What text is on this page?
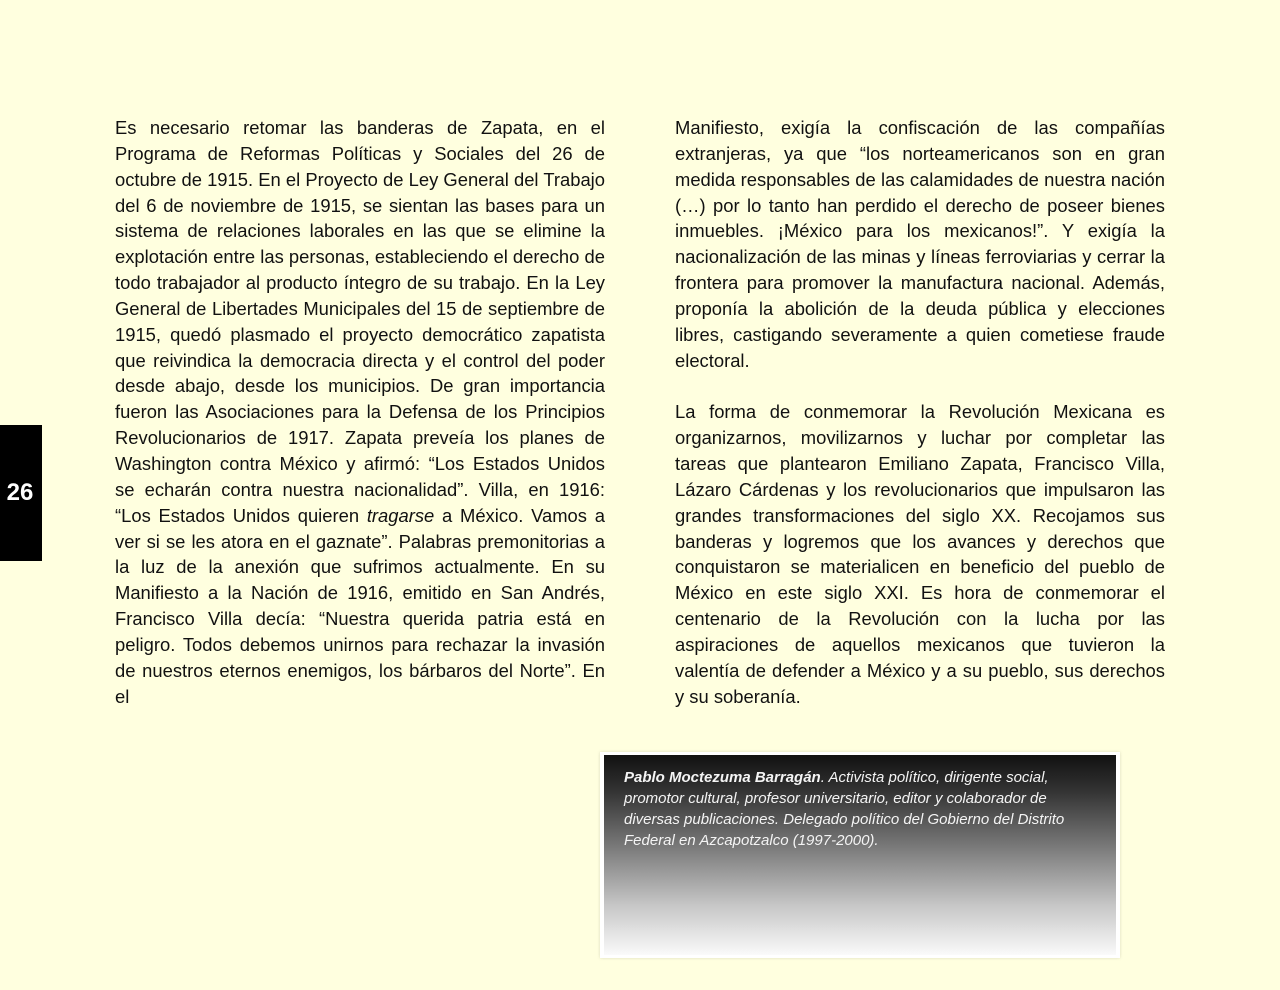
26

Es necesario retomar las banderas de Zapata, en el Programa de Reformas Políticas y Sociales del 26 de octubre de 1915. En el Proyecto de Ley General del Trabajo del 6 de noviembre de 1915, se sientan las bases para un sistema de relaciones laborales en las que se elimine la explotación entre las personas, estableciendo el derecho de todo trabajador al producto íntegro de su trabajo. En la Ley General de Libertades Municipales del 15 de septiembre de 1915, quedó plasmado el proyecto democrático zapatista que reivindica la democracia directa y el control del poder desde abajo, desde los municipios. De gran importancia fueron las Asociaciones para la Defensa de los Principios Revolucionarios de 1917. Zapata preveía los planes de Washington contra México y afirmó: “Los Estados Unidos se echarán contra nuestra nacionalidad”. Villa, en 1916: “Los Estados Unidos quieren tragarse a México. Vamos a ver si se les atora en el gaznate”. Palabras premonitorias a la luz de la anexión que sufrimos actualmente. En su Manifiesto a la Nación de 1916, emitido en San Andrés, Francisco Villa decía: “Nuestra querida patria está en peligro. Todos debemos unirnos para rechazar la invasión de nuestros eternos enemigos, los bárbaros del Norte”. En el

Manifiesto, exigía la confiscación de las compañías extranjeras, ya que “los norteamericanos son en gran medida responsables de las calamidades de nuestra nación (…) por lo tanto han perdido el derecho de poseer bienes inmuebles. ¡México para los mexicanos!”. Y exigía la nacionalización de las minas y líneas ferroviarias y cerrar la frontera para promover la manufactura nacional. Además, proponía la abolición de la deuda pública y elecciones libres, castigando severamente a quien cometiese fraude electoral.

La forma de conmemorar la Revolución Mexicana es organizarnos, movilizarnos y luchar por completar las tareas que plantearon Emiliano Zapata, Francisco Villa, Lázaro Cárdenas y los revolucionarios que impulsaron las grandes transformaciones del siglo XX. Recojamos sus banderas y logremos que los avances y derechos que conquistaron se materialicen en beneficio del pueblo de México en este siglo XXI. Es hora de conmemorar el centenario de la Revolución con la lucha por las aspiraciones de aquellos mexicanos que tuvieron la valentía de defender a México y a su pueblo, sus derechos y su soberanía.

Pablo Moctezuma Barragán. Activista político, dirigente social, promotor cultural, profesor universitario, editor y colaborador de diversas publicaciones. Delegado político del Gobierno del Distrito Federal en Azcapotzalco (1997-2000).
